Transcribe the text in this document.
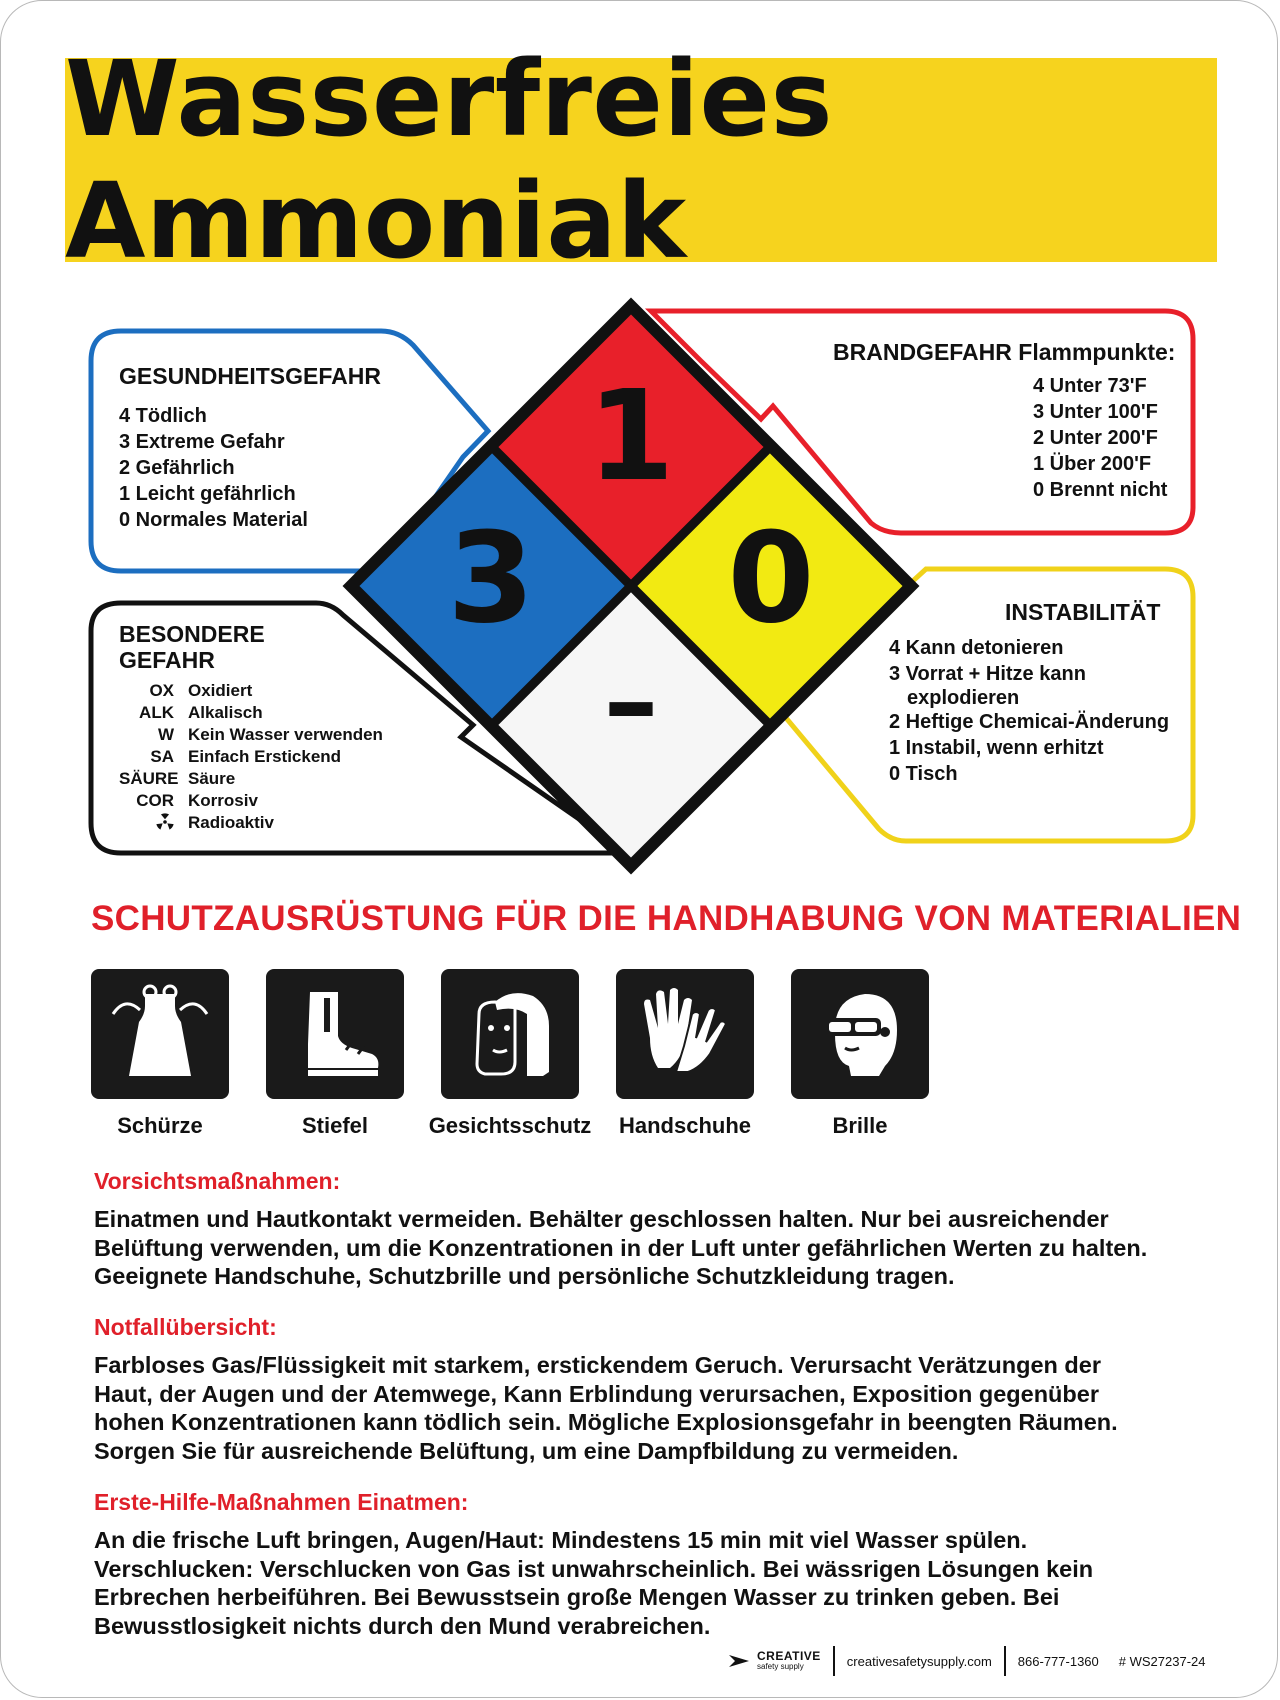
Wasserfreies Ammoniak
1
3 0
–
GESUNDHEITSGEFAHR
4 Tödlich
3 Extreme Gefahr
2 Gefährlich
1 Leicht gefährlich
0 Normales Material
BRANDGEFAHR Flammpunkte:
4 Unter 73'F
3 Unter 100'F
2 Unter 200'F
1 Über 200'F
0 Brennt nicht
BESONDERE
GEFAHR
OX Oxidiert
ALK Alkalisch
W Kein Wasser verwenden
SA Einfach Erstickend
SÄURE Säure
COR Korrosiv
Radioaktiv
INSTABILITÄT
4 Kann detonieren
3 Vorrat + Hitze kann
explodieren
2 Heftige Chemicai-Änderung
1 Instabil, wenn erhitzt
0 Tisch
SCHUTZAUSRÜSTUNG FÜR DIE HANDHABUNG VON MATERIALIEN
Schürze	Stiefel	Gesichtsschutz	Handschuhe	Brille
Vorsichtsmaßnahmen:
Einatmen und Hautkontakt vermeiden. Behälter geschlossen halten. Nur bei ausreichender
Belüftung verwenden, um die Konzentrationen in der Luft unter gefährlichen Werten zu halten.
Geeignete Handschuhe, Schutzbrille und persönliche Schutzkleidung tragen.
Notfallübersicht:
Farbloses Gas/Flüssigkeit mit starkem, erstickendem Geruch. Verursacht Verätzungen der
Haut, der Augen und der Atemwege, Kann Erblindung verursachen, Exposition gegenüber
hohen Konzentrationen kann tödlich sein. Mögliche Explosionsgefahr in beengten Räumen.
Sorgen Sie für ausreichende Belüftung, um eine Dampfbildung zu vermeiden.
Erste-Hilfe-Maßnahmen Einatmen:
An die frische Luft bringen, Augen/Haut: Mindestens 15 min mit viel Wasser spülen.
Verschlucken: Verschlucken von Gas ist unwahrscheinlich. Bei wässrigen Lösungen kein
Erbrechen herbeiführen. Bei Bewusstsein große Mengen Wasser zu trinken geben. Bei
Bewusstlosigkeit nichts durch den Mund verabreichen.
CREATIVE
safety supply	creativesafetysupply.com 866-777-1360 # WS27237-24
